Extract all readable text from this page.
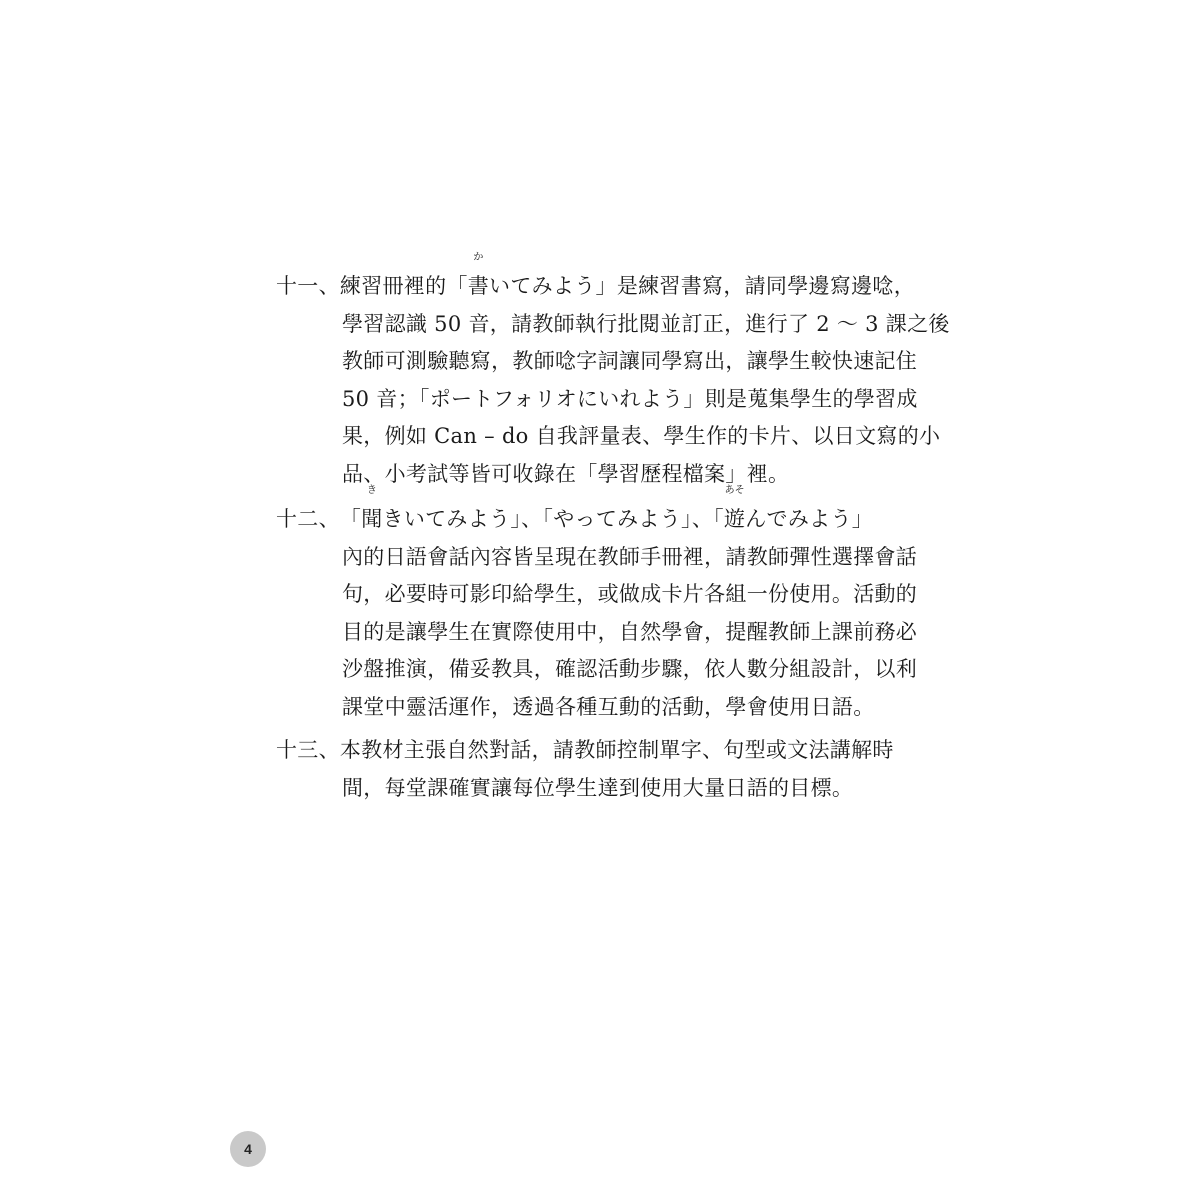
十一、練習冊裡的「
か
書いてみよう」是練習書寫，請同學邊寫邊唸，
學習認識 50 音，請教師執行批閱並訂正，進行了 2 ～ 3 課之後
教師可測驗聽寫，教師唸字詞讓同學寫出，讓學生較快速記住
50 音；「ポートフォリオにいれよう」則是蒐集學生的學習成
果，例如 Can – do 自我評量表、學生作的卡片、以日文寫的小
品、小考試等皆可收錄在「學習歷程檔案」裡。
十二、「
き
聞きいてみよう」、「やってみよう」、「
あそ
遊んでみよう」
內的日語會話內容皆呈現在教師手冊裡，請教師彈性選擇會話
句，必要時可影印給學生，或做成卡片各組一份使用。活動的
目的是讓學生在實際使用中，自然學會，提醒教師上課前務必
沙盤推演，備妥教具，確認活動步驟，依人數分組設計，以利
課堂中靈活運作，透過各種互動的活動，學會使用日語。
十三、本教材主張自然對話，請教師控制單字、句型或文法講解時
間，每堂課確實讓每位學生達到使用大量日語的目標。
4
